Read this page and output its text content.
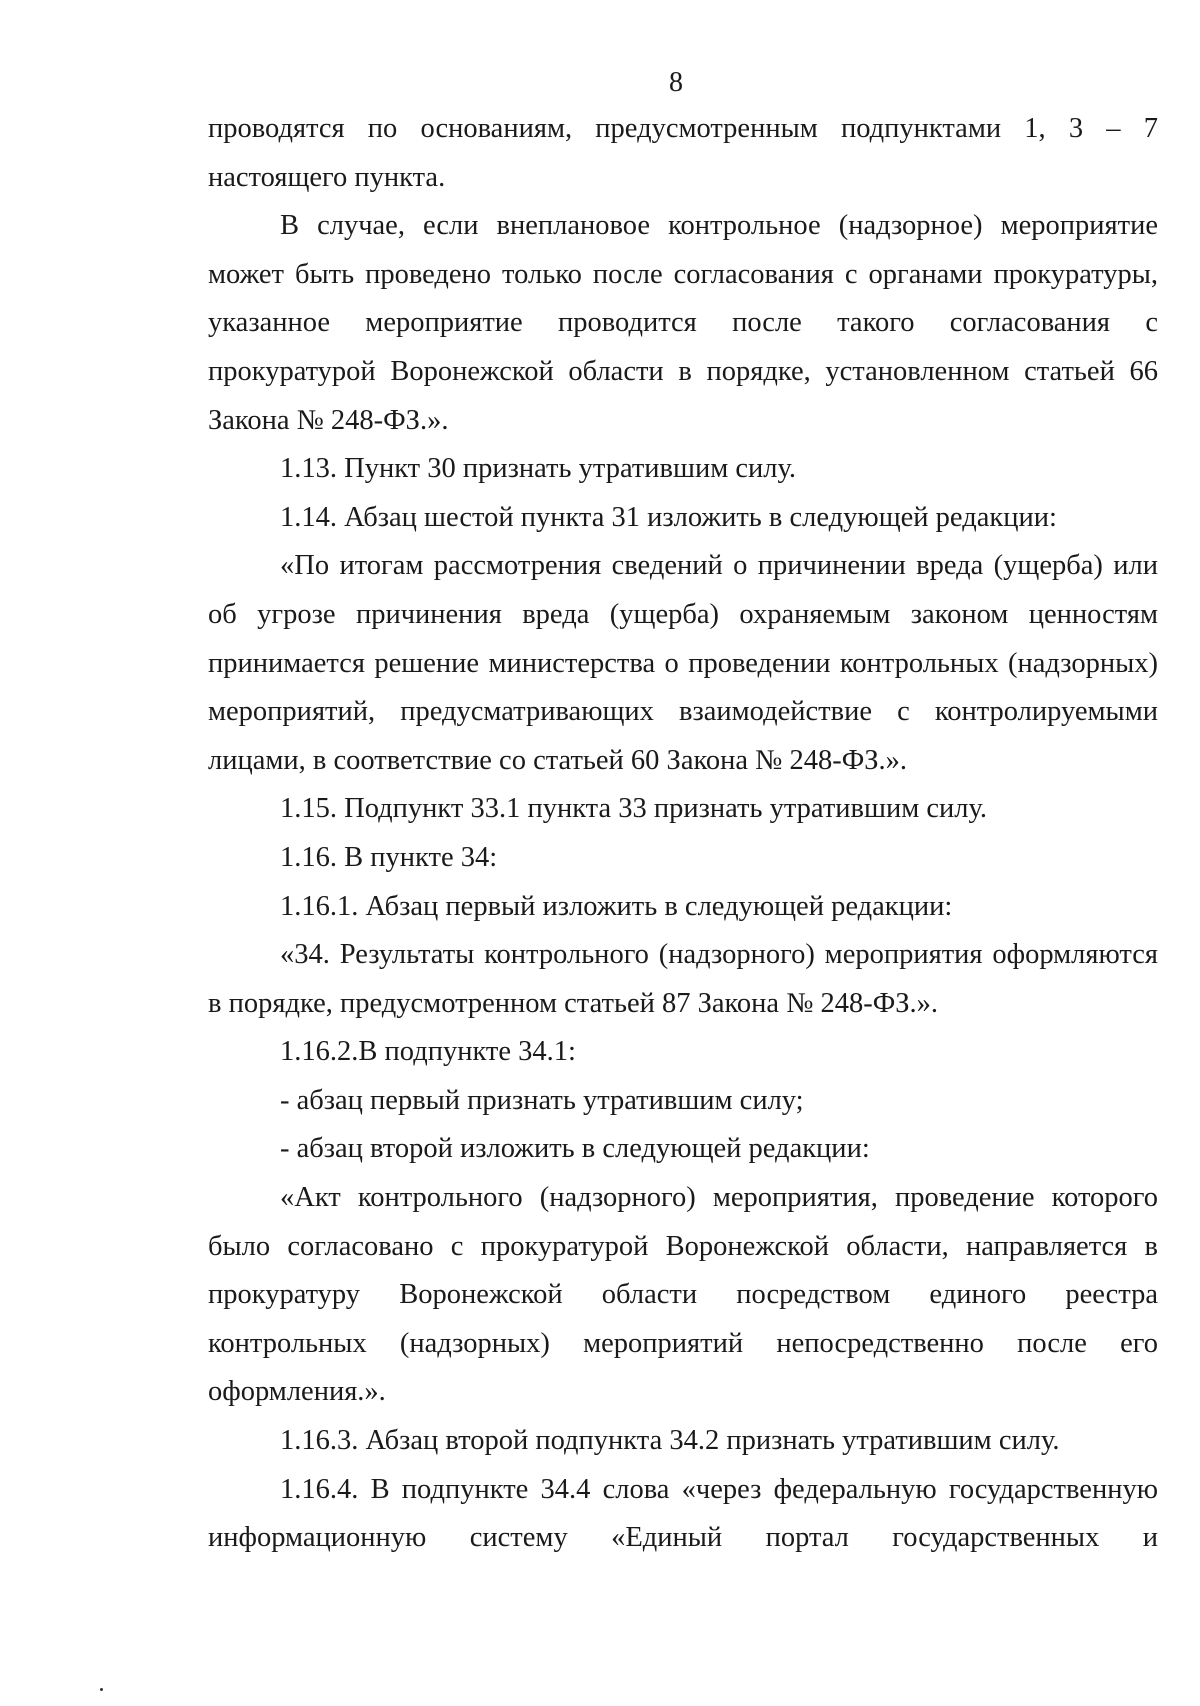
8

проводятся по основаниям, предусмотренным подпунктами 1, 3 – 7 настоящего пункта.

В случае, если внеплановое контрольное (надзорное) мероприятие может быть проведено только после согласования с органами прокуратуры, указанное мероприятие проводится после такого согласования с прокуратурой Воронежской области в порядке, установленном статьей 66 Закона № 248-ФЗ.».

1.13. Пункт 30 признать утратившим силу.

1.14. Абзац шестой пункта 31 изложить в следующей редакции:

«По итогам рассмотрения сведений о причинении вреда (ущерба) или об угрозе причинения вреда (ущерба) охраняемым законом ценностям принимается решение министерства о проведении контрольных (надзорных) мероприятий, предусматривающих взаимодействие с контролируемыми лицами, в соответствие со статьей 60 Закона № 248-ФЗ.».

1.15. Подпункт 33.1 пункта 33 признать утратившим силу.

1.16. В пункте 34:

1.16.1. Абзац первый изложить в следующей редакции:

«34. Результаты контрольного (надзорного) мероприятия оформляются в порядке, предусмотренном статьей 87 Закона № 248-ФЗ.».

1.16.2.В подпункте 34.1:

- абзац первый признать утратившим силу;

- абзац второй изложить в следующей редакции:

«Акт контрольного (надзорного) мероприятия, проведение которого было согласовано с прокуратурой Воронежской области, направляется в прокуратуру Воронежской области посредством единого реестра контрольных (надзорных) мероприятий непосредственно после его оформления.».

1.16.3. Абзац второй подпункта 34.2 признать утратившим силу.

1.16.4. В подпункте 34.4 слова «через федеральную государственную информационную систему «Единый портал государственных и
